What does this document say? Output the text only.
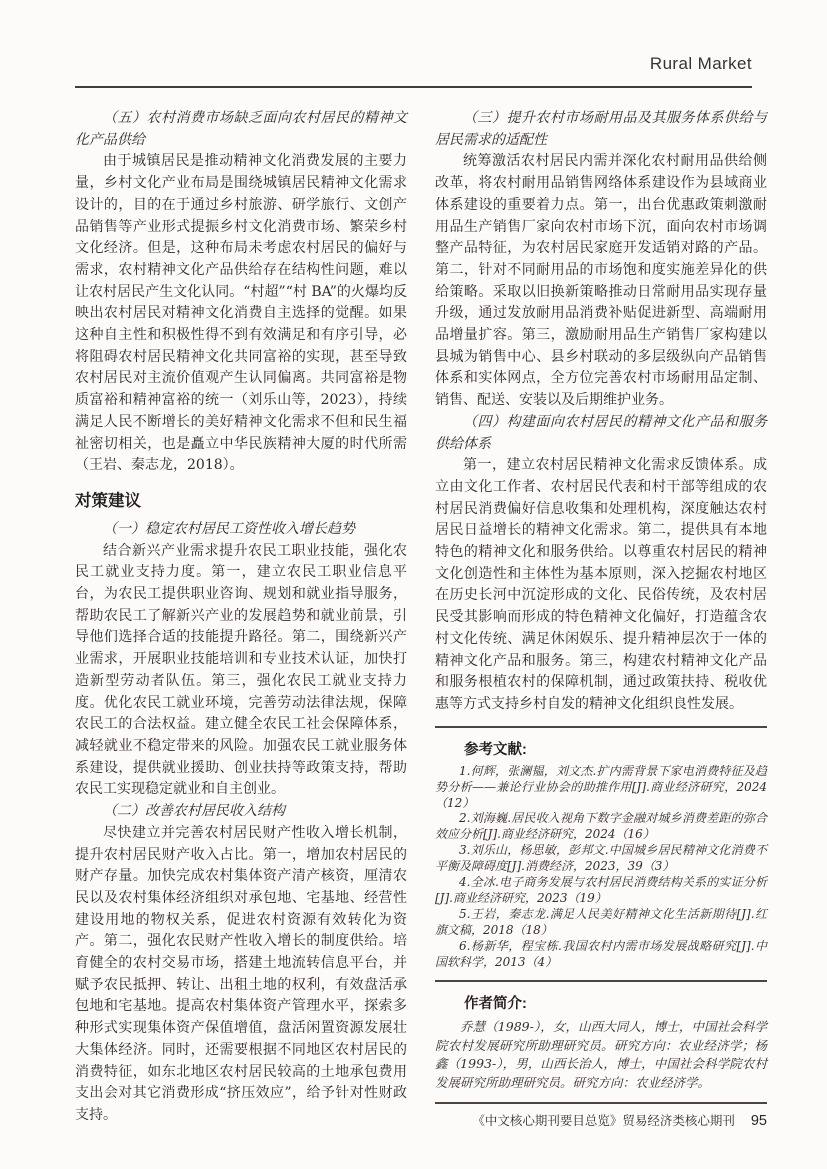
Rural Market

（五）农村消费市场缺乏面向农村居民的精神文化产品供给

由于城镇居民是推动精神文化消费发展的主要力量，乡村文化产业布局是围绕城镇居民精神文化需求设计的，目的在于通过乡村旅游、研学旅行、文创产品销售等产业形式提振乡村文化消费市场、繁荣乡村文化经济。但是，这种布局未考虑农村居民的偏好与需求，农村精神文化产品供给存在结构性问题，难以让农村居民产生文化认同。“村超”“村 BA”的火爆均反映出农村居民对精神文化消费自主选择的觉醒。如果这种自主性和积极性得不到有效满足和有序引导，必将阻碍农村居民精神文化共同富裕的实现，甚至导致农村居民对主流价值观产生认同偏离。共同富裕是物质富裕和精神富裕的统一（刘乐山等，2023），持续满足人民不断增长的美好精神文化需求不但和民生福祉密切相关，也是矗立中华民族精神大厦的时代所需（王岩、秦志龙，2018）。

对策建议

（一）稳定农村居民工资性收入增长趋势

结合新兴产业需求提升农民工职业技能，强化农民工就业支持力度。第一，建立农民工职业信息平台，为农民工提供职业咨询、规划和就业指导服务，帮助农民工了解新兴产业的发展趋势和就业前景，引导他们选择合适的技能提升路径。第二，围绕新兴产业需求，开展职业技能培训和专业技术认证，加快打造新型劳动者队伍。第三，强化农民工就业支持力度。优化农民工就业环境，完善劳动法律法规，保障农民工的合法权益。建立健全农民工社会保障体系，减轻就业不稳定带来的风险。加强农民工就业服务体系建设，提供就业援助、创业扶持等政策支持，帮助农民工实现稳定就业和自主创业。

（二）改善农村居民收入结构

尽快建立并完善农村居民财产性收入增长机制，提升农村居民财产收入占比。第一，增加农村居民的财产存量。加快完成农村集体资产清产核资，厘清农民以及农村集体经济组织对承包地、宅基地、经营性建设用地的物权关系，促进农村资源有效转化为资产。第二，强化农民财产性收入增长的制度供给。培育健全的农村交易市场，搭建土地流转信息平台，并赋予农民抵押、转让、出租土地的权利，有效盘活承包地和宅基地。提高农村集体资产管理水平，探索多种形式实现集体资产保值增值，盘活闲置资源发展壮大集体经济。同时，还需要根据不同地区农村居民的消费特征，如东北地区农村居民较高的土地承包费用支出会对其它消费形成“挤压效应”，给予针对性财政支持。

（三）提升农村市场耐用品及其服务体系供给与居民需求的适配性

统筹激活农村居民内需并深化农村耐用品供给侧改革，将农村耐用品销售网络体系建设作为县域商业体系建设的重要着力点。第一，出台优惠政策刺激耐用品生产销售厂家向农村市场下沉，面向农村市场调整产品特征，为农村居民家庭开发适销对路的产品。第二，针对不同耐用品的市场饱和度实施差异化的供给策略。采取以旧换新策略推动日常耐用品实现存量升级，通过发放耐用品消费补贴促进新型、高端耐用品增量扩容。第三，激励耐用品生产销售厂家构建以县城为销售中心、县乡村联动的多层级纵向产品销售体系和实体网点，全方位完善农村市场耐用品定制、销售、配送、安装以及后期维护业务。

（四）构建面向农村居民的精神文化产品和服务供给体系

第一，建立农村居民精神文化需求反馈体系。成立由文化工作者、农村居民代表和村干部等组成的农村居民消费偏好信息收集和处理机构，深度触达农村居民日益增长的精神文化需求。第二，提供具有本地特色的精神文化和服务供给。以尊重农村居民的精神文化创造性和主体性为基本原则，深入挖掘农村地区在历史长河中沉淀形成的文化、民俗传统，及农村居民受其影响而形成的特色精神文化偏好，打造蕴含农村文化传统、满足休闲娱乐、提升精神层次于一体的精神文化产品和服务。第三，构建农村精神文化产品和服务根植农村的保障机制，通过政策扶持、税收优惠等方式支持乡村自发的精神文化组织良性发展。

参考文献:

1.何辉，张澜韫，刘文杰.扩内需背景下家电消费特征及趋势分析——兼论行业协会的助推作用[J].商业经济研究，2024（12）

2.刘海巍.居民收入视角下数字金融对城乡消费差距的弥合效应分析[J].商业经济研究，2024（16）

3.刘乐山，杨思敏，彭邦文.中国城乡居民精神文化消费不平衡及障碍度[J].消费经济，2023，39（3）

4.全冰.电子商务发展与农村居民消费结构关系的实证分析[J].商业经济研究，2023（19）

5.王岩，秦志龙.满足人民美好精神文化生活新期待[J].红旗文稿，2018（18）

6.杨新华，程宝栋.我国农村内需市场发展战略研究[J].中国软科学，2013（4）

作者简介:

乔慧（1989-），女，山西大同人，博士，中国社会科学院农村发展研究所助理研究员。研究方向：农业经济学；杨鑫（1993-），男，山西长治人，博士，中国社会科学院农村发展研究所助理研究员。研究方向：农业经济学。

《中文核心期刊要目总览》贸易经济类核心期刊 95
